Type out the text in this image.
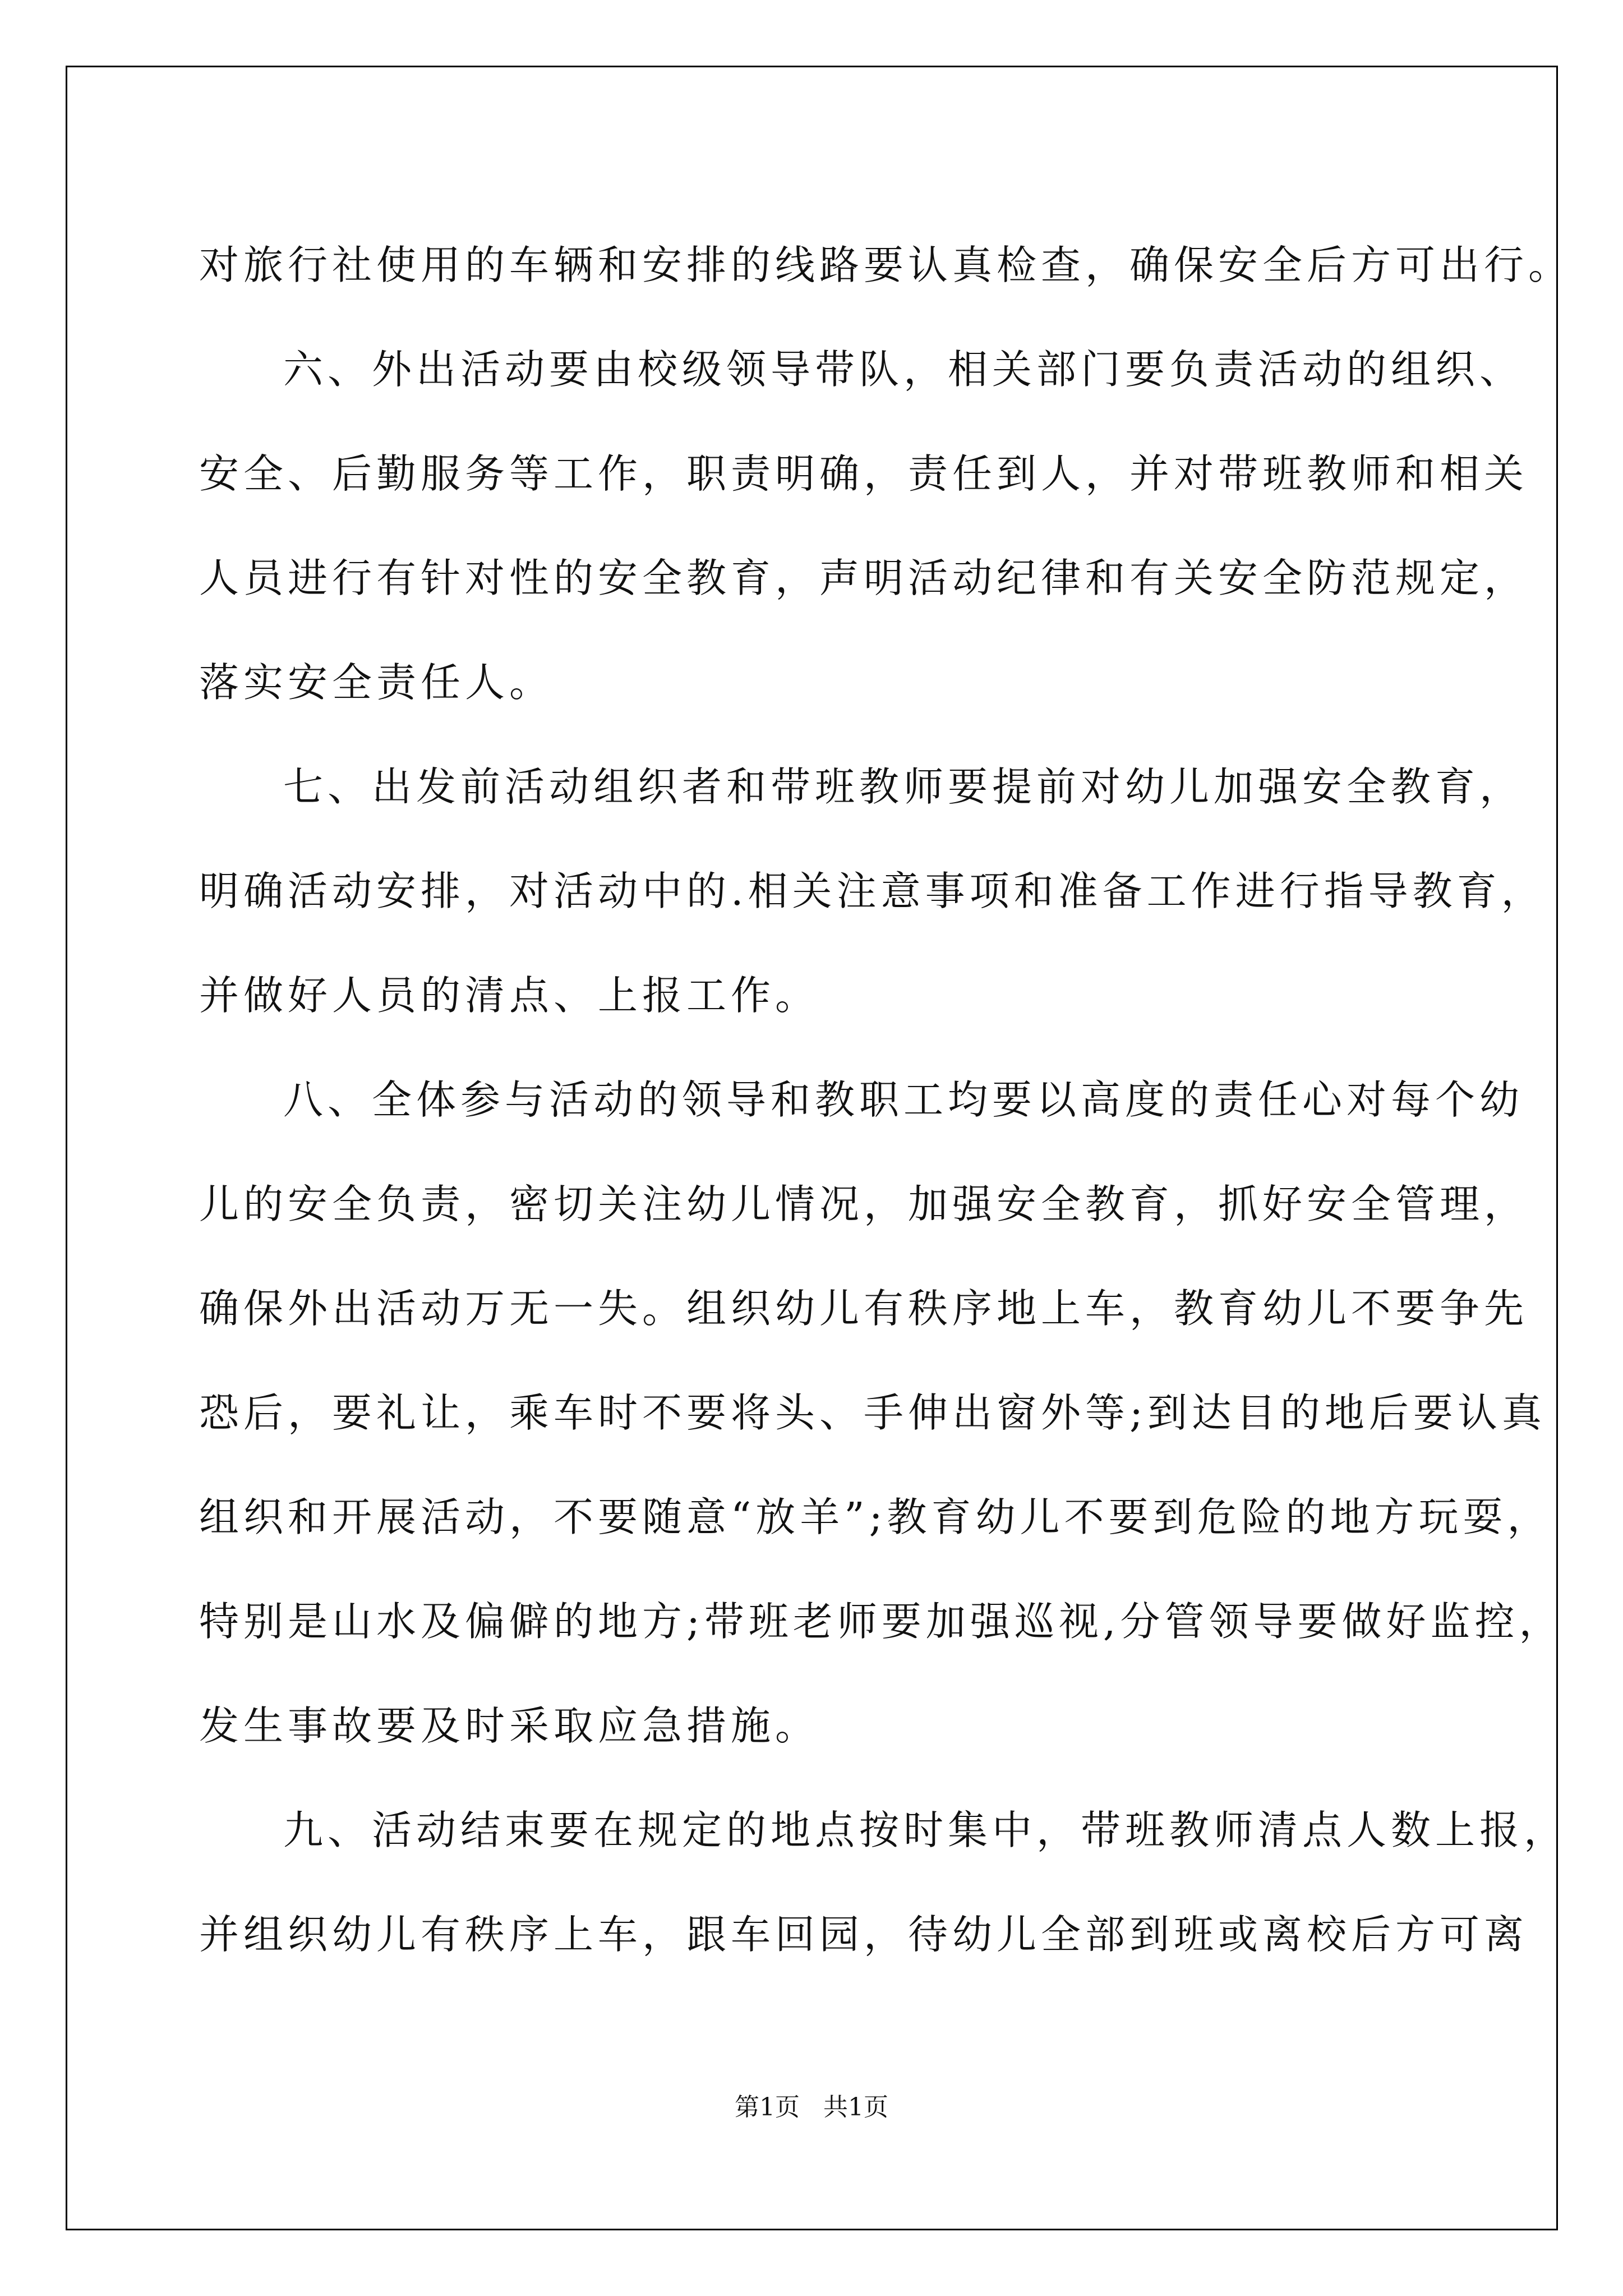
对旅行社使用的车辆和安排的线路要认真检查，确保安全后方可出行。
六、外出活动要由校级领导带队，相关部门要负责活动的组织、
安全、后勤服务等工作，职责明确，责任到人，并对带班教师和相关
人员进行有针对性的安全教育，声明活动纪律和有关安全防范规定，
落实安全责任人。
七、出发前活动组织者和带班教师要提前对幼儿加强安全教育，
明确活动安排，对活动中的.相关注意事项和准备工作进行指导教育，
并做好人员的清点、上报工作。
八、全体参与活动的领导和教职工均要以高度的责任心对每个幼
儿的安全负责，密切关注幼儿情况，加强安全教育，抓好安全管理，
确保外出活动万无一失。组织幼儿有秩序地上车，教育幼儿不要争先
恐后，要礼让，乘车时不要将头、手伸出窗外等;到达目的地后要认真
组织和开展活动，不要随意“放羊”;教育幼儿不要到危险的地方玩耍，
特别是山水及偏僻的地方;带班老师要加强巡视,分管领导要做好监控，
发生事故要及时采取应急措施。
九、活动结束要在规定的地点按时集中，带班教师清点人数上报，
并组织幼儿有秩序上车，跟车回园，待幼儿全部到班或离校后方可离
第1页   共1页
